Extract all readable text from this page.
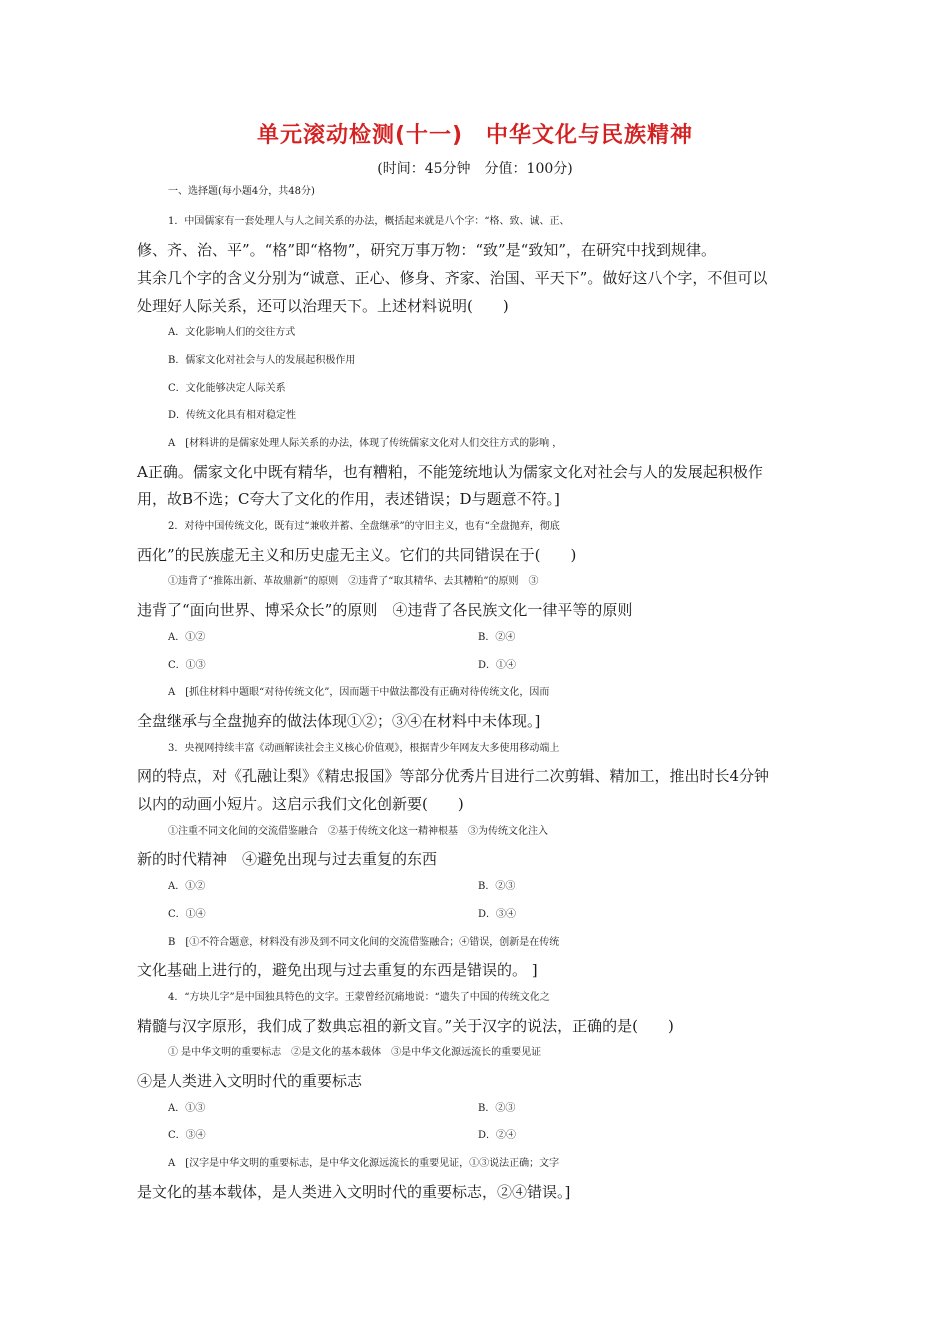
单元滚动检测(十一)　中华文化与民族精神
(时间：45分钟　分值：100分)
一、选择题(每小题4分，共48分)
1．中国儒家有一套处理人与人之间关系的办法，概括起来就是八个字：“格、致、诚、正、
修、齐、治、平”。“格”即“格物”，研究万事万物：“致”是“致知”，在研究中找到规律。
其余几个字的含义分别为“诚意、正心、修身、齐家、治国、平天下”。做好这八个字，不但可以
处理好人际关系，还可以治理天下。上述材料说明(　　)
A．文化影响人们的交往方式
B．儒家文化对社会与人的发展起积极作用
C．文化能够决定人际关系
D．传统文化具有相对稳定性
A　[材料讲的是儒家处理人际关系的办法，体现了传统儒家文化对人们交往方式的影响 ，
A正确。儒家文化中既有精华，也有糟粕，不能笼统地认为儒家文化对社会与人的发展起积极作
用，故B不选；C夸大了文化的作用，表述错误；D与题意不符。]
2．对待中国传统文化，既有过“兼收并蓄、全盘继承”的守旧主义，也有“全盘抛弃，彻底
西化”的民族虚无主义和历史虚无主义。它们的共同错误在于(　　)
①违背了“推陈出新、革故鼎新”的原则　②违背了“取其精华、去其糟粕”的原则　③
违背了“面向世界、博采众长”的原则　④违背了各民族文化一律平等的原则
A．①②	B．②④
C．①③	D．①④
A　[抓住材料中题眼“对待传统文化”，因而题干中做法都没有正确对待传统文化，因而
全盘继承与全盘抛弃的做法体现①②；③④在材料中未体现。]
3．央视网持续丰富《动画解读社会主义核心价值观》，根据青少年网友大多使用移动端上
网的特点，对《孔融让梨》《精忠报国》等部分优秀片目进行二次剪辑、精加工，推出时长4分钟
以内的动画小短片。这启示我们文化创新要(　　)
①注重不同文化间的交流借鉴融合　②基于传统文化这一精神根基　③为传统文化注入
新的时代精神　④避免出现与过去重复的东西
A．①②	B．②③
C．①④	D．③④
B　[①不符合题意，材料没有涉及到不同文化间的交流借鉴融合；④错误，创新是在传统
文化基础上进行的，避免出现与过去重复的东西是错误的。 ]
4．“方块儿字”是中国独具特色的文字。王蒙曾经沉痛地说：“遗失了中国的传统文化之
精髓与汉字原形，我们成了数典忘祖的新文盲。”关于汉字的说法，正确的是(　　)
① 是中华文明的重要标志　②是文化的基本载体　③是中华文化源远流长的重要见证
④是人类进入文明时代的重要标志
A．①③	B．②③
C．③④	D．②④
A　[汉字是中华文明的重要标志，是中华文化源远流长的重要见证，①③说法正确；文字
是文化的基本载体，是人类进入文明时代的重要标志，②④错误。]
